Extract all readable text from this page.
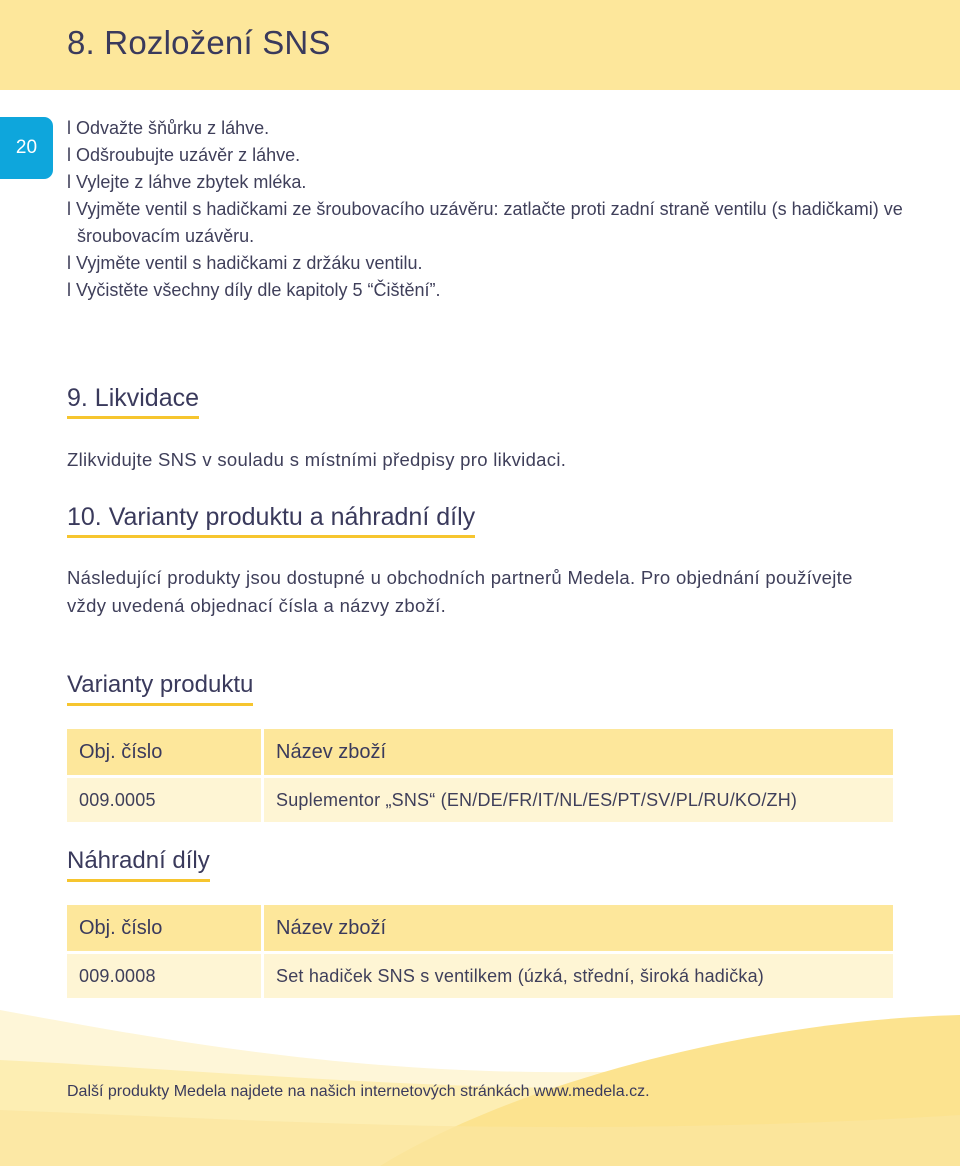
8. Rozložení SNS
20
l Odvažte šňůrku z láhve.
l Odšroubujte uzávěr z láhve.
l Vylejte z láhve zbytek mléka.
l Vyjměte ventil s hadičkami ze šroubovacího uzávěru: zatlačte proti zadní straně ventilu (s hadičkami) ve šroubovacím uzávěru.
l Vyjměte ventil s hadičkami z držáku ventilu.
l Vyčistěte všechny díly dle kapitoly 5 “Čištění”.
9. Likvidace

Zlikvidujte SNS v souladu s místními předpisy pro likvidaci.

10. Varianty produktu a náhradní díly

Následující produkty jsou dostupné u obchodních partnerů Medela. Pro objednání používejte vždy uvedená objednací čísla a názvy zboží.

Varianty produktu
Obj. číslo	Název zboží
009.0005	Suplementor „SNS“ (EN/DE/FR/IT/NL/ES/PT/SV/PL/RU/KO/ZH)
Náhradní díly
Obj. číslo	Název zboží
009.0008	Set hadiček SNS s ventilkem (úzká, střední, široká hadička)

Další produkty Medela najdete na našich internetových stránkách www.medela.cz.
